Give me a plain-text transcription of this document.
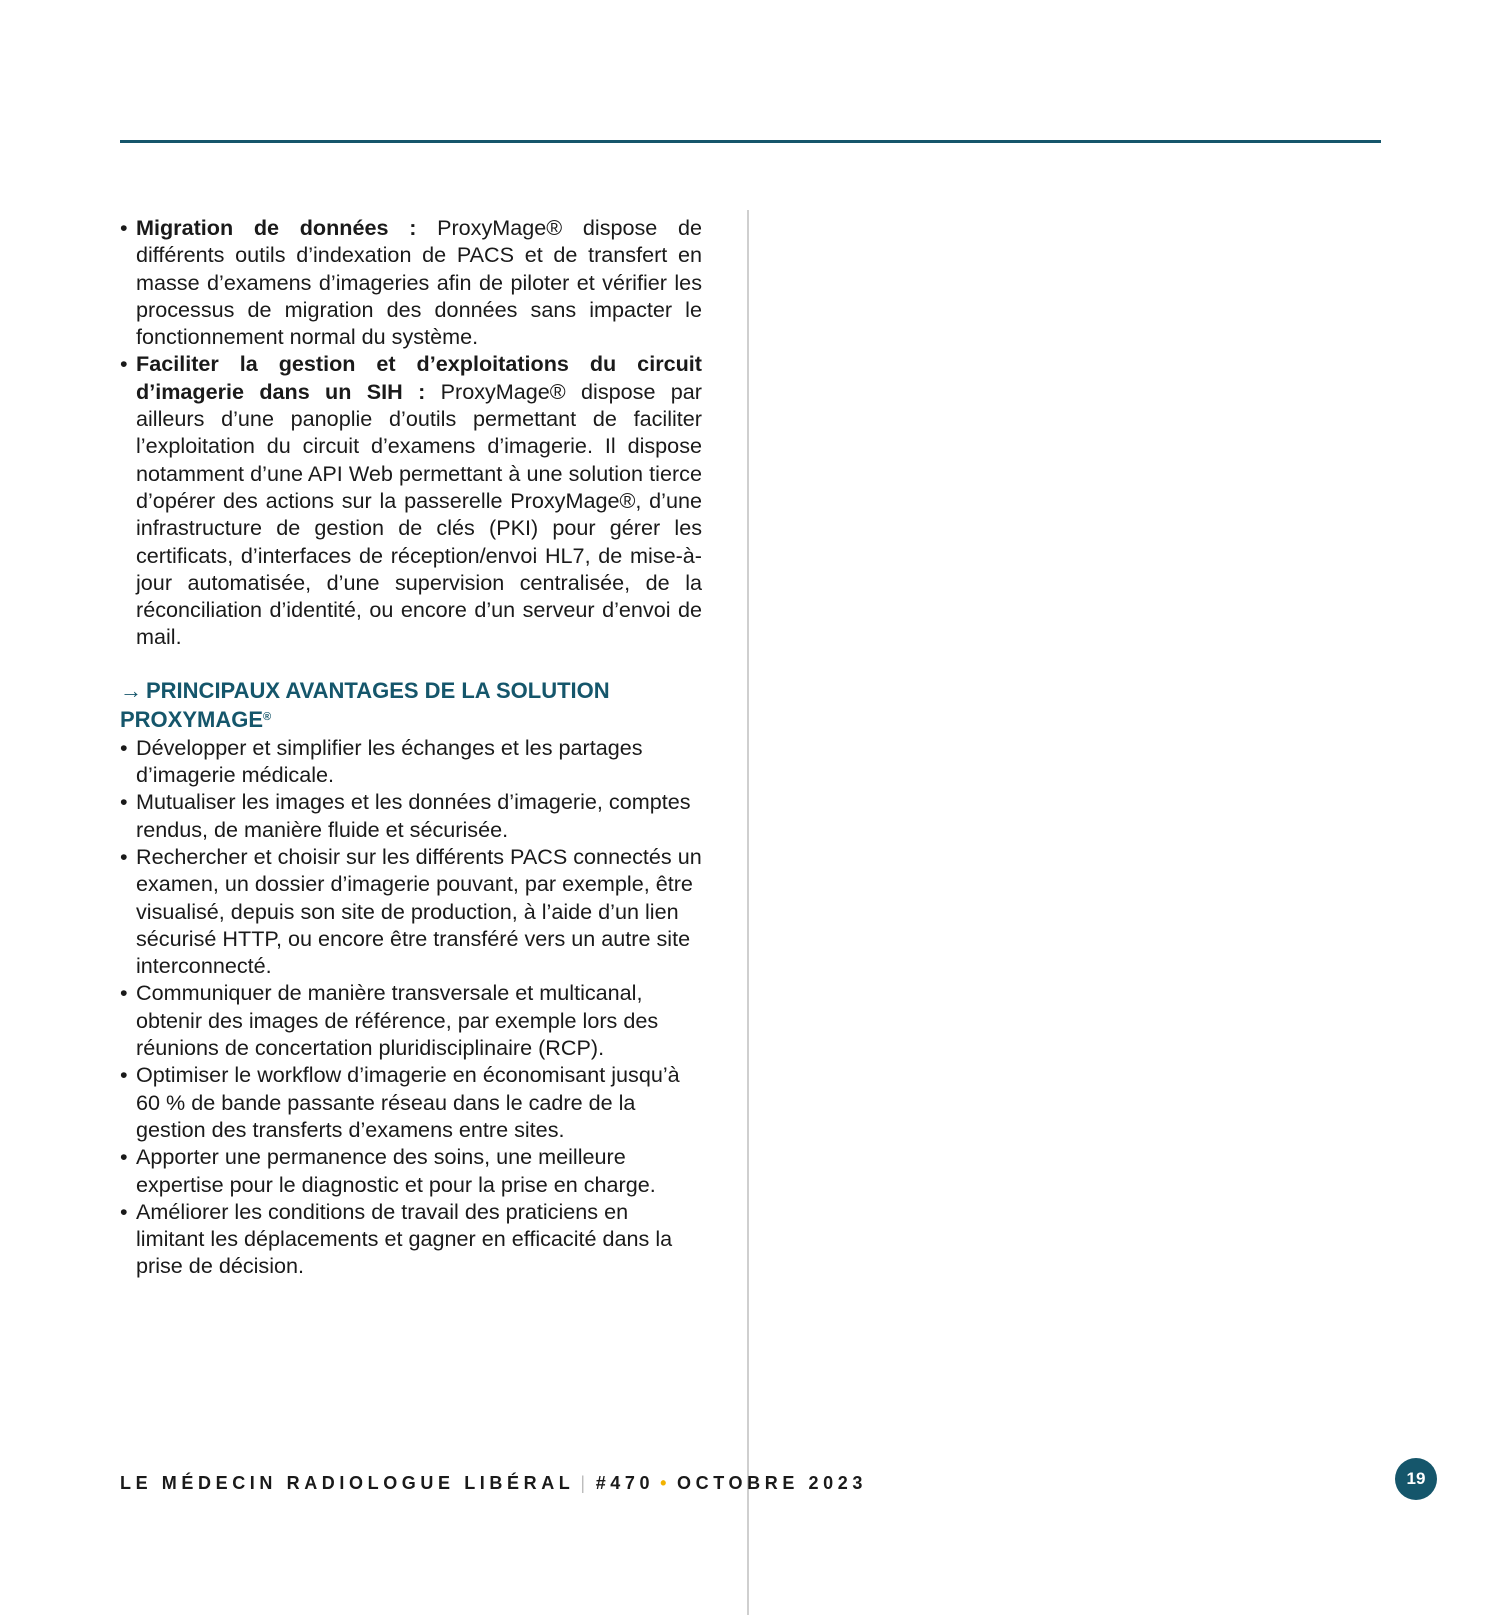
• Migration de données : ProxyMage® dispose de différents outils d’indexation de PACS et de transfert en masse d’examens d’imageries afin de piloter et vérifier les processus de migration des données sans impacter le fonctionnement normal du système.
• Faciliter la gestion et d’exploitations du circuit d’imagerie dans un SIH : ProxyMage® dispose par ailleurs d’une panoplie d’outils permettant de faciliter l’exploitation du circuit d’examens d’imagerie. Il dispose notamment d’une API Web permettant à une solution tierce d’opérer des actions sur la passerelle ProxyMage®, d’une infrastructure de gestion de clés (PKI) pour gérer les certificats, d’interfaces de réception/envoi HL7, de mise-à-jour automatisée, d’une supervision centralisée, de la réconciliation d’identité, ou encore d’un serveur d’envoi de mail.
→ PRINCIPAUX AVANTAGES DE LA SOLUTION
PROXYMAGE®
• Développer et simplifier les échanges et les partages d’imagerie médicale.
• Mutualiser les images et les données d’imagerie, comptes rendus, de manière fluide et sécurisée.
• Rechercher et choisir sur les différents PACS connectés un examen, un dossier d’imagerie pouvant, par exemple, être visualisé, depuis son site de production, à l’aide d’un lien sécurisé HTTP, ou encore être transféré vers un autre site interconnecté.
• Communiquer de manière transversale et multicanal, obtenir des images de référence, par exemple lors des réunions de concertation pluridisciplinaire (RCP).
• Optimiser le workflow d’imagerie en économisant jusqu’à 60 % de bande passante réseau dans le cadre de la gestion des transferts d’examens entre sites.
• Apporter une permanence des soins, une meilleure expertise pour le diagnostic et pour la prise en charge.
• Améliorer les conditions de travail des praticiens en limitant les déplacements et gagner en efficacité dans la prise de décision.
LE MÉDECIN RADIOLOGUE LIBÉRAL | #470 • OCTOBRE 2023	19
